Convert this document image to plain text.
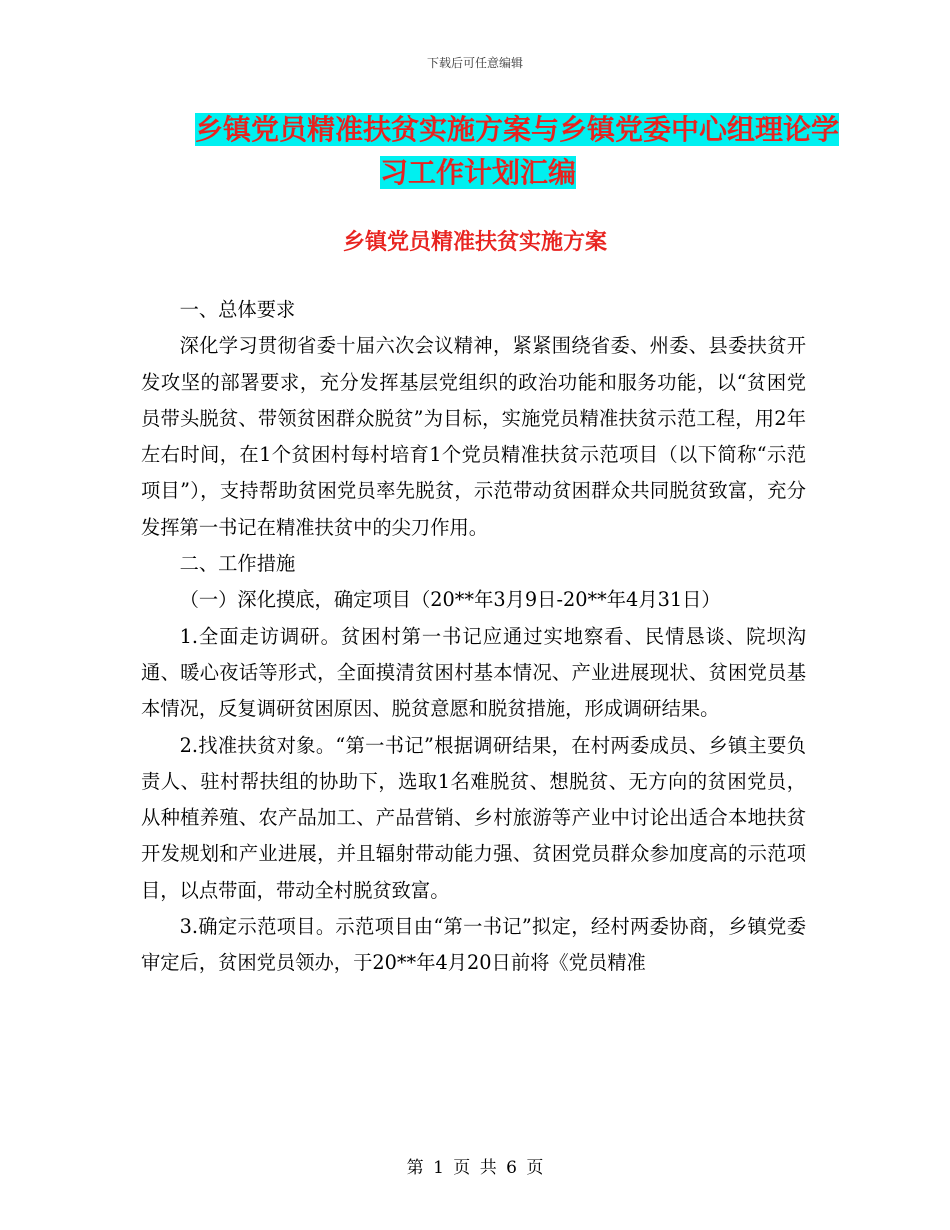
下载后可任意编辑
乡镇党员精准扶贫实施方案与乡镇党委中心组理论学
习工作计划汇编
乡镇党员精准扶贫实施方案

一、总体要求

深化学习贯彻省委十届六次会议精神，紧紧围绕省委、州委、县委扶贫开发攻坚的部署要求，充分发挥基层党组织的政治功能和服务功能，以“贫困党员带头脱贫、带领贫困群众脱贫”为目标，实施党员精准扶贫示范工程，用2年左右时间，在1个贫困村每村培育1个党员精准扶贫示范项目（以下简称“示范项目”），支持帮助贫困党员率先脱贫，示范带动贫困群众共同脱贫致富，充分发挥第一书记在精准扶贫中的尖刀作用。

二、工作措施

（一）深化摸底，确定项目（20**年3月9日-20**年4月31日）

1.全面走访调研。贫困村第一书记应通过实地察看、民情恳谈、院坝沟通、暖心夜话等形式，全面摸清贫困村基本情况、产业进展现状、贫困党员基本情况，反复调研贫困原因、脱贫意愿和脱贫措施，形成调研结果。

2.找准扶贫对象。“第一书记”根据调研结果，在村两委成员、乡镇主要负责人、驻村帮扶组的协助下，选取1名难脱贫、想脱贫、无方向的贫困党员，从种植养殖、农产品加工、产品营销、乡村旅游等产业中讨论出适合本地扶贫开发规划和产业进展，并且辐射带动能力强、贫困党员群众参加度高的示范项目，以点带面，带动全村脱贫致富。

3.确定示范项目。示范项目由“第一书记”拟定，经村两委协商，乡镇党委审定后，贫困党员领办，于20**年4月20日前将《党员精准

第 1 页 共 6 页
